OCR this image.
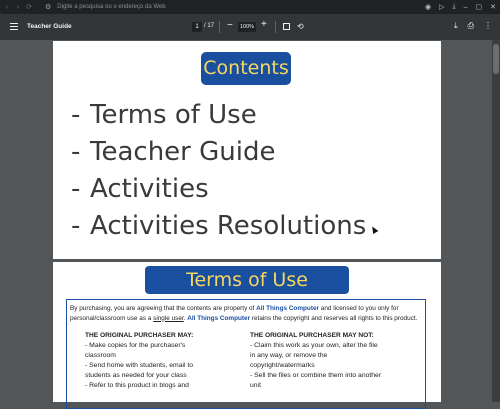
‹	› ⟳ ⚙ Digite a pesquisa ou o endereço da Web	◉ ▷ ⤓ – ▢ ✕
Teacher Guide	1 / 17 −	100% +	⟲	⤓ ⎙ ⋮
Contents
- Terms of Use
- Teacher Guide
- Activities
- Activities Resolutions
Terms of Use
By purchasing, you are agreeing that the contents are property of All Things Computer and licensed to you only for personal/classroom use as a single user. All Things Computer retains the copyright and reserves all rights to this product.
THE ORIGINAL PURCHASER MAY:
- Make copies for the purchaser's
classroom
- Send home with students, email to
students as needed for your class
- Refer to this product in blogs and
THE ORIGINAL PURCHASER MAY NOT:
- Claim this work as your own, alter the file
in any way, or remove the
copyright/watermarks
- Sell the files or combine them into another
unit
